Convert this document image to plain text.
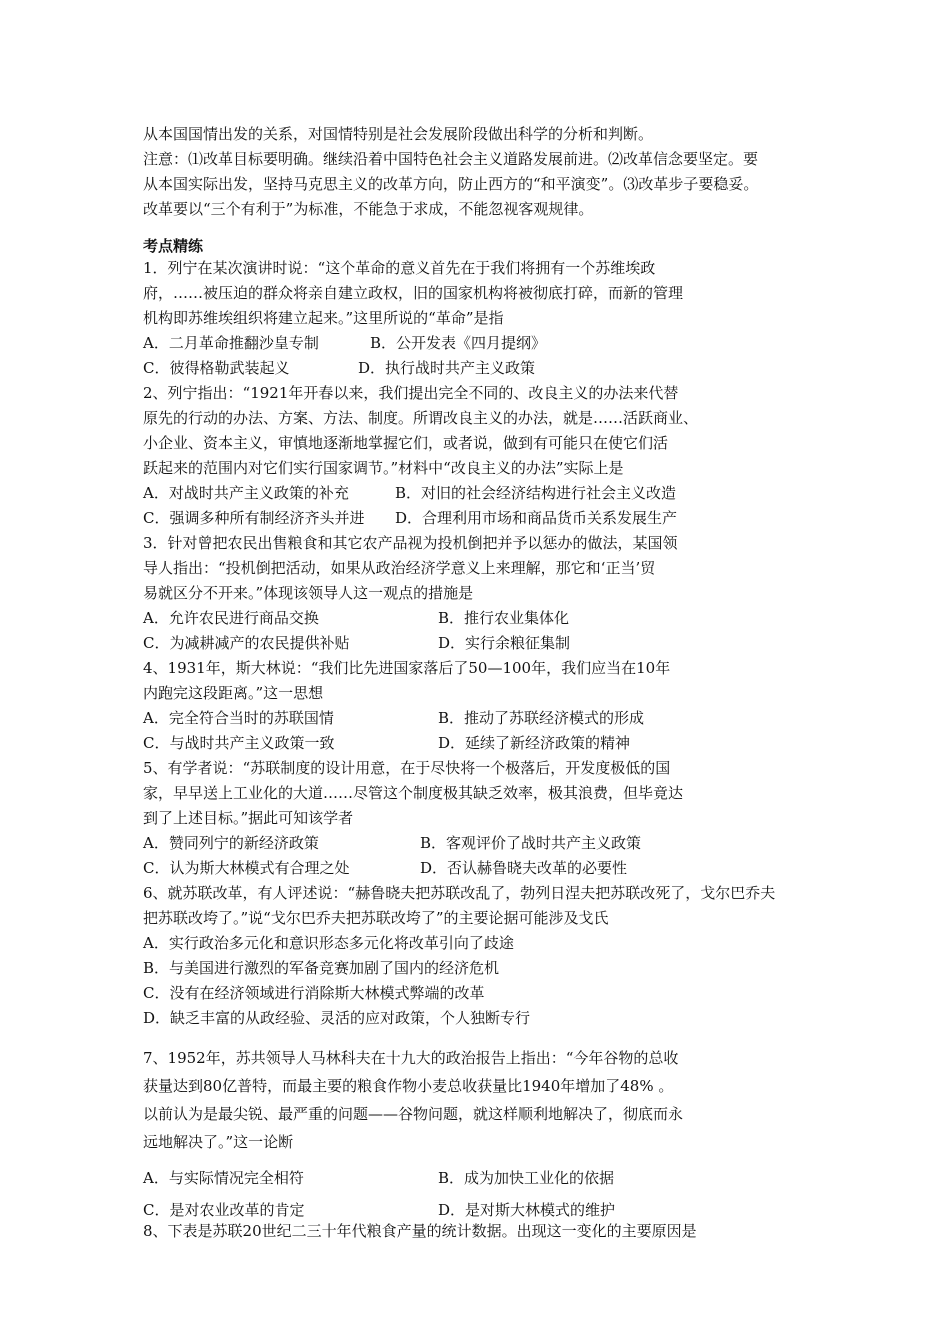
从本国国情出发的关系，对国情特别是社会发展阶段做出科学的分析和判断。
注意：⑴改革目标要明确。继续沿着中国特色社会主义道路发展前进。⑵改革信念要坚定。要
从本国实际出发，坚持马克思主义的改革方向，防止西方的“和平演变”。⑶改革步子要稳妥。
改革要以“三个有利于”为标准，不能急于求成，不能忽视客观规律。
考点精练
1．列宁在某次演讲时说：“这个革命的意义首先在于我们将拥有一个苏维埃政
府，……被压迫的群众将亲自建立政权，旧的国家机构将被彻底打碎，而新的管理
机构即苏维埃组织将建立起来。”这里所说的“革命”是指
A．二月革命推翻沙皇专制	B．公开发表《四月提纲》
C．彼得格勒武装起义	D．执行战时共产主义政策
2、列宁指出：“1921年开春以来，我们提出完全不同的、改良主义的办法来代替
原先的行动的办法、方案、方法、制度。所谓改良主义的办法，就是……活跃商业、
小企业、资本主义，审慎地逐渐地掌握它们，或者说，做到有可能只在使它们活
跃起来的范围内对它们实行国家调节。”材料中“改良主义的办法”实际上是
A．对战时共产主义政策的补充	B．对旧的社会经济结构进行社会主义改造
C．强调多种所有制经济齐头并进 D．合理利用市场和商品货币关系发展生产
3．针对曾把农民出售粮食和其它农产品视为投机倒把并予以惩办的做法，某国领
导人指出：“投机倒把活动，如果从政治经济学意义上来理解，那它和‘正当’贸
易就区分不开来。”体现该领导人这一观点的措施是
A．允许农民进行商品交换	B．推行农业集体化
C．为减耕减产的农民提供补贴	D．实行余粮征集制
4、1931年，斯大林说：“我们比先进国家落后了50—100年，我们应当在10年
内跑完这段距离。”这一思想
A．完全符合当时的苏联国情	B．推动了苏联经济模式的形成
C．与战时共产主义政策一致	D．延续了新经济政策的精神
5、有学者说：“苏联制度的设计用意，在于尽快将一个极落后，开发度极低的国
家，早早送上工业化的大道……尽管这个制度极其缺乏效率，极其浪费，但毕竟达
到了上述目标。”据此可知该学者
A．赞同列宁的新经济政策	B．客观评价了战时共产主义政策
C．认为斯大林模式有合理之处	D．否认赫鲁晓夫改革的必要性
6、就苏联改革，有人评述说：“赫鲁晓夫把苏联改乱了，勃列日涅夫把苏联改死了，戈尔巴乔夫
把苏联改垮了。”说“戈尔巴乔夫把苏联改垮了”的主要论据可能涉及戈氏
A．实行政治多元化和意识形态多元化将改革引向了歧途
B．与美国进行激烈的军备竞赛加剧了国内的经济危机
C．没有在经济领域进行消除斯大林模式弊端的改革
D．缺乏丰富的从政经验、灵活的应对政策，个人独断专行
7、1952年，苏共领导人马林科夫在十九大的政治报告上指出：“今年谷物的总收
获量达到80亿普特，而最主要的粮食作物小麦总收获量比1940年增加了48% 。
以前认为是最尖锐、最严重的问题——谷物问题，就这样顺利地解决了，彻底而永
远地解决了。”这一论断
A．与实际情况完全相符	B．成为加快工业化的依据
C．是对农业改革的肯定	D．是对斯大林模式的维护
8、下表是苏联20世纪二三十年代粮食产量的统计数据。出现这一变化的主要原因是
